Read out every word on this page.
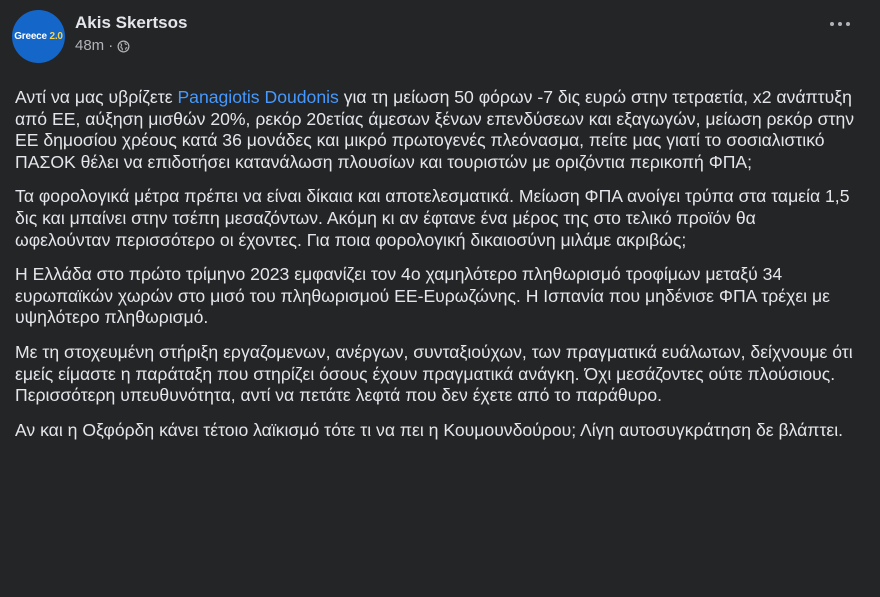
Greece 2.0
Akis Skertsos
48m ·

Αντί να μας υβρίζετε Panagiotis Doudonis για τη μείωση 50 φόρων -7 δις ευρώ στην τετραετία, x2 ανάπτυξη από ΕΕ, αύξηση μισθών 20%, ρεκόρ 20ετίας άμεσων ξένων επενδύσεων και εξαγωγών, μείωση ρεκόρ στην ΕΕ δημοσίου χρέους κατά 36 μονάδες και μικρό πρωτογενές πλεόνασμα, πείτε μας γιατί το σοσιαλιστικό ΠΑΣΟΚ θέλει να επιδοτήσει κατανάλωση πλουσίων και τουριστών με οριζόντια περικοπή ΦΠΑ;

Τα φορολογικά μέτρα πρέπει να είναι δίκαια και αποτελεσματικά. Μείωση ΦΠΑ ανοίγει τρύπα στα ταμεία 1,5 δις και μπαίνει στην τσέπη μεσαζόντων. Ακόμη κι αν έφτανε ένα μέρος της στο τελικό προϊόν θα ωφελούνταν περισσότερο οι έχοντες. Για ποια φορολογική δικαιοσύνη μιλάμε ακριβώς;

Η Ελλάδα στο πρώτο τρίμηνο 2023 εμφανίζει τον 4ο χαμηλότερο πληθωρισμό τροφίμων μεταξύ 34 ευρωπαϊκών χωρών στο μισό του πληθωρισμού ΕΕ-Ευρωζώνης. Η Ισπανία που μηδένισε ΦΠΑ τρέχει με υψηλότερο πληθωρισμό.

Με τη στοχευμένη στήριξη εργαζομενων, ανέργων, συνταξιούχων, των πραγματικά ευάλωτων, δείχνουμε ότι εμείς είμαστε η παράταξη που στηρίζει όσους έχουν πραγματικά ανάγκη. Όχι μεσάζοντες ούτε πλούσιους. Περισσότερη υπευθυνότητα, αντί να πετάτε λεφτά που δεν έχετε από το παράθυρο.

Αν και η Οξφόρδη κάνει τέτοιο λαϊκισμό τότε τι να πει η Κουμουνδούρου; Λίγη αυτοσυγκράτηση δε βλάπτει.
